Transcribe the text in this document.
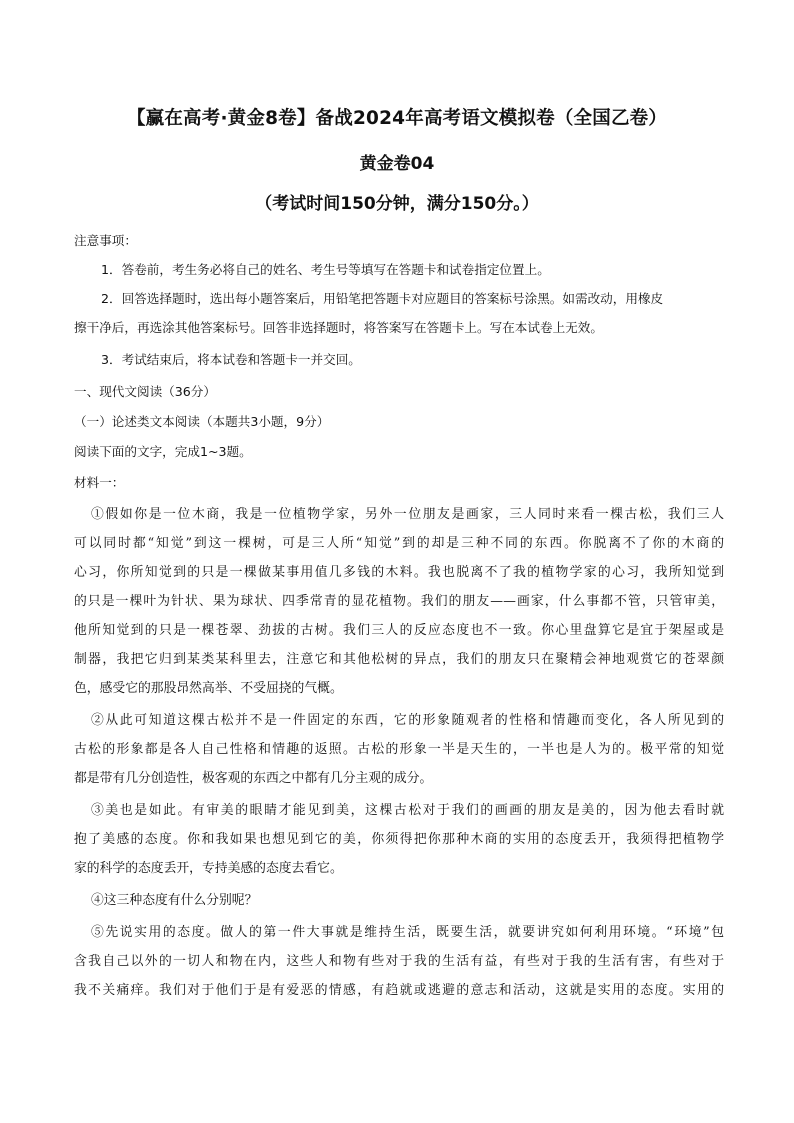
【赢在高考·黄金8卷】备战2024年高考语文模拟卷（全国乙卷）
黄金卷04
（考试时间150分钟，满分150分。）
注意事项：
1．答卷前，考生务必将自己的姓名、考生号等填写在答题卡和试卷指定位置上。
2．回答选择题时，选出每小题答案后，用铅笔把答题卡对应题目的答案标号涂黑。如需改动，用橡皮
擦干净后，再选涂其他答案标号。回答非选择题时，将答案写在答题卡上。写在本试卷上无效。
3．考试结束后，将本试卷和答题卡一并交回。
一、现代文阅读（36分）
（一）论述类文本阅读（本题共3小题，9分）
阅读下面的文字，完成1~3题。
材料一：
①假如你是一位木商，我是一位植物学家，另外一位朋友是画家，三人同时来看一棵古松，我们三人
可以同时都“知觉”到这一棵树，可是三人所“知觉”到的却是三种不同的东西。你脱离不了你的木商的
心习，你所知觉到的只是一棵做某事用值几多钱的木料。我也脱离不了我的植物学家的心习，我所知觉到
的只是一棵叶为针状、果为球状、四季常青的显花植物。我们的朋友——画家，什么事都不管，只管审美，
他所知觉到的只是一棵苍翠、劲拔的古树。我们三人的反应态度也不一致。你心里盘算它是宜于架屋或是
制器，我把它归到某类某科里去，注意它和其他松树的异点，我们的朋友只在聚精会神地观赏它的苍翠颜
色，感受它的那股昂然高举、不受屈挠的气概。
②从此可知道这棵古松并不是一件固定的东西，它的形象随观者的性格和情趣而变化，各人所见到的
古松的形象都是各人自己性格和情趣的返照。古松的形象一半是天生的，一半也是人为的。极平常的知觉
都是带有几分创造性，极客观的东西之中都有几分主观的成分。
③美也是如此。有审美的眼睛才能见到美，这棵古松对于我们的画画的朋友是美的，因为他去看时就
抱了美感的态度。你和我如果也想见到它的美，你须得把你那种木商的实用的态度丢开，我须得把植物学
家的科学的态度丢开，专持美感的态度去看它。
④这三种态度有什么分别呢？
⑤先说实用的态度。做人的第一件大事就是维持生活，既要生活，就要讲究如何利用环境。“环境”包
含我自己以外的一切人和物在内，这些人和物有些对于我的生活有益，有些对于我的生活有害，有些对于
我不关痛痒。我们对于他们于是有爱恶的情感，有趋就或逃避的意志和活动，这就是实用的态度。实用的
